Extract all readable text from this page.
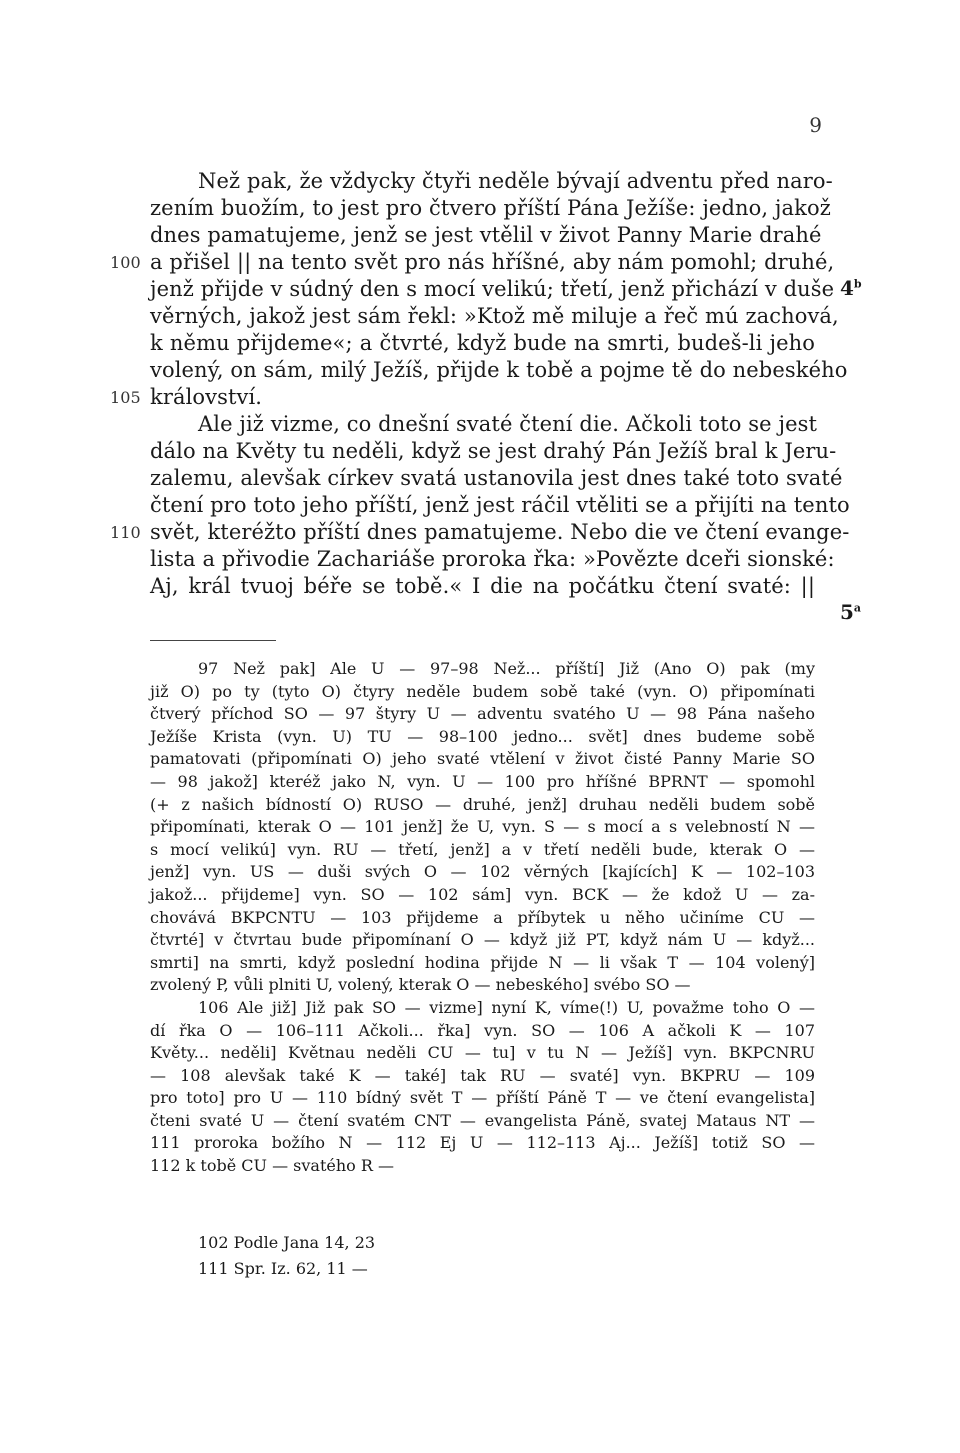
9
Než pak, že vždycky čtyři neděle bývají adventu před naro-
zením buožím, to jest pro čtvero příští Pána Ježíše: jedno, jakož
dnes pamatujeme, jenž se jest vtělil v život Panny Marie drahé
100 a přišel || na tento svět pro nás hříšné, aby nám pomohl; druhé,
jenž přijde v súdný den s mocí velikú; třetí, jenž přichází v duše
věrných, jakož jest sám řekl: »Ktož mě miluje a řeč mú zachová,
k němu přijdeme«; a čtvrté, když bude na smrti, budeš-li jeho
volený, on sám, milý Ježíš, přijde k tobě a pojme tě do nebeského
105 království.
Ale již vizme, co dnešní svaté čtení die. Ačkoli toto se jest
dálo na Květy tu neděli, když se jest drahý Pán Ježíš bral k Jeru-
zalemu, alevšak církev svatá ustanovila jest dnes také toto svaté
čtení pro toto jeho příští, jenž jest ráčil vtěliti se a přijíti na tento
110 svět, kteréžto příští dnes pamatujeme. Nebo die ve čtení evange-
lista a přivodie Zachariáše proroka řka: »Povězte dceři sionské:
Aj, král tvuoj béře se tobě.« I die na počátku čtení svaté: ||
4$^b$
5$^a$
97 Než pak] Ale U — 97–98 Než... příští] Již (Ano O) pak (my
již O) po ty (tyto O) čtyry neděle budem sobě také (vyn. O) připomínati
čtverý příchod SO — 97 štyry U — adventu svatého U — 98 Pána našeho
Ježíše Krista (vyn. U) TU — 98–100 jedno... svět] dnes budeme sobě
pamatovati (připomínati O) jeho svaté vtělení v život čisté Panny Marie SO
— 98 jakož] kteréž jako N, vyn. U — 100 pro hříšné BPRNT — spomohl
(+ z našich bídností O) RUSO — druhé, jenž] druhau neděli budem sobě
připomínati, kterak O — 101 jenž] že U, vyn. S — s mocí a s velebností N —
s mocí velikú] vyn. RU — třetí, jenž] a v třetí neděli bude, kterak O —
jenž] vyn. US — duši svých O — 102 věrných [kajících] K — 102–103
jakož... přijdeme] vyn. SO — 102 sám] vyn. BCK — že kdož U — za-
chovává BKPCNTU — 103 přijdeme a příbytek u něho učiníme CU —
čtvrté] v čtvrtau bude připomínaní O — když již PT, když nám U — když...
smrti] na smrti, když poslední hodina přijde N — li však T — 104 volený]
zvolený P, vůli plniti U, volený, kterak O — nebeského] svébo SO —
106 Ale již] Již pak SO — vizme] nyní K, víme(!) U, považme toho O —
dí řka O — 106–111 Ačkoli... řka] vyn. SO — 106 A ačkoli K — 107
Květy... neděli] Květnau neděli CU — tu] v tu N — Ježíš] vyn. BKPCNRU
— 108 alevšak také K — také] tak RU — svaté] vyn. BKPRU — 109
pro toto] pro U — 110 bídný svět T — příští Páně T — ve čtení evangelista]
čteni svaté U — čtení svatém CNT — evangelista Páně, svatej Mataus NT —
111 proroka božího N — 112 Ej U — 112–113 Aj... Ježíš] totiž SO —
112 k tobě CU — svatého R —
102 Podle Jana 14, 23
111 Spr. Iz. 62, 11 —
